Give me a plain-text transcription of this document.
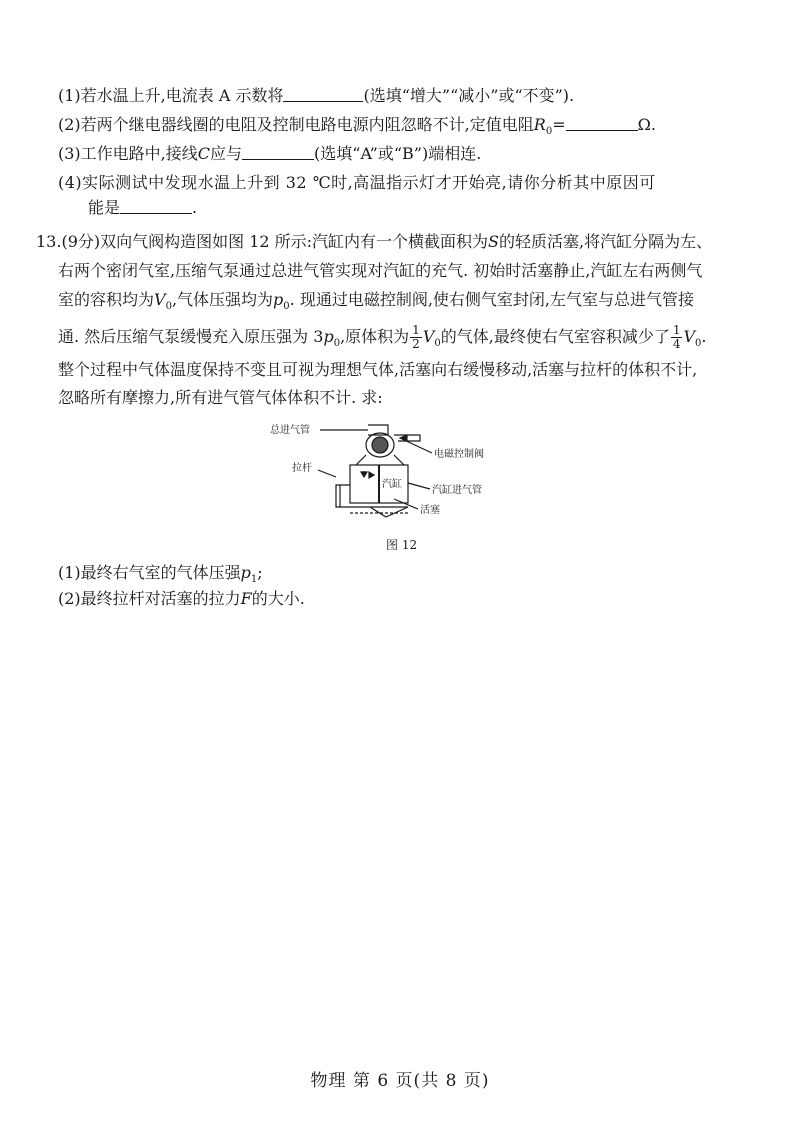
(1)若水温上升,电流表 A 示数将	(选填“增大”“减小”或“不变”).
(2)若两个继电器线圈的电阻及控制电路电源内阻忽略不计,定值电阻$R_0=$	Ω.
(3)工作电路中,接线C应与	(选填“A”或“B”)端相连.
(4)实际测试中发现水温上升到 32 ℃时,高温指示灯才开始亮,请你分析其中原因可
能是	.
13.(9分)双向气阀构造图如图 12 所示:汽缸内有一个横截面积为S的轻质活塞,将汽缸分隔为左、
右两个密闭气室,压缩气泵通过总进气管实现对汽缸的充气. 初始时活塞静止,汽缸左右两侧气
室的容积均为$V_0$,气体压强均为$p_0$. 现通过电磁控制阀,使右侧气室封闭,左气室与总进气管接
通. 然后压缩气泵缓慢充入原压强为 $3p_0$,原体积为 $\frac{1}{2} V_0$的气体,最终使右气室容积减少了 $\frac{1}{4} V_0$.
整个过程中气体温度保持不变且可视为理想气体,活塞向右缓慢移动,活塞与拉杆的体积不计,
忽略所有摩擦力,所有进气管气体体积不计. 求:
总进气管
电磁控制阀
拉杆
汽缸
汽缸进气管
活塞
图 12
(1)最终右气室的气体压强$p_1$;
(2)最终拉杆对活塞的拉力F的大小.
物理 第 6 页(共 8 页)
